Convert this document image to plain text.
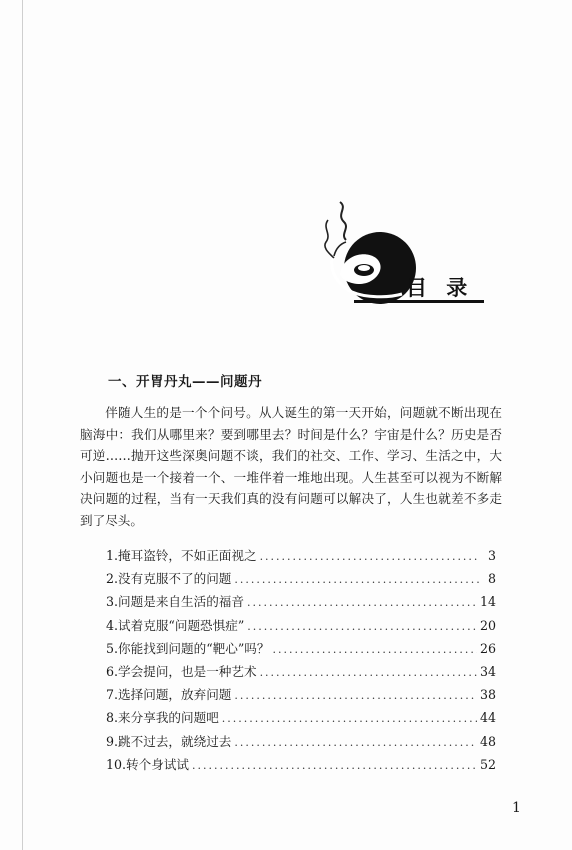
目 录
一、开胃丹丸——问题丹

伴随人生的是一个个问号。从人诞生的第一天开始，问题就不断出现在脑海中：我们从哪里来？要到哪里去？时间是什么？宇宙是什么？历史是否可逆……抛开这些深奥问题不谈，我们的社交、工作、学习、生活之中，大小问题也是一个接着一个、一堆伴着一堆地出现。人生甚至可以视为不断解决问题的过程，当有一天我们真的没有问题可以解决了，人生也就差不多走到了尽头。

1. 掩耳盗铃，不如正面视之 .....	3
2. 没有克服不了的问题 .....	8
3. 问题是来自生活的福音 .....	14
4. 试着克服“问题恐惧症” .....	20
5. 你能找到问题的“靶心”吗？ .....	26
6. 学会提问，也是一种艺术 .....	34
7. 选择问题，放弃问题 .....	38
8. 来分享我的问题吧 .....	44
9. 跳不过去，就绕过去 .....	48
10. 转个身试试 .....	52
1
